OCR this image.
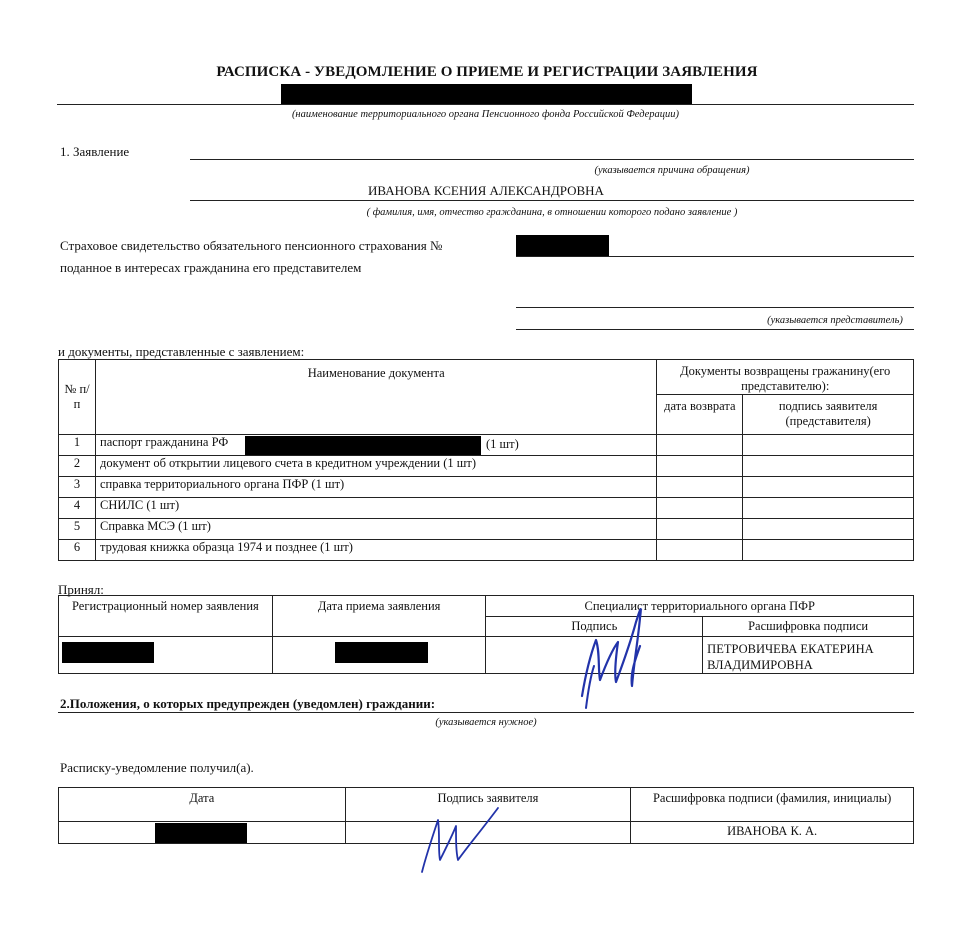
РАСПИСКА - УВЕДОМЛЕНИЕ О ПРИЕМЕ И РЕГИСТРАЦИИ ЗАЯВЛЕНИЯ
(наименование территориального органа Пенсионного фонда Российской Федерации)
1. Заявление
(указывается причина обращения)
ИВАНОВА КСЕНИЯ АЛЕКСАНДРОВНА
( фамилия, имя, отчество гражданина, в отношении которого подано заявление )
Страховое свидетельство обязательного пенсионного страхования №
поданное в интересах гражданина его представителем
(указывается представитель)
и документы, представленные с заявлением:
№ п/п	Наименование документа	Документы возвращены гражанину(его представителю):	
		дата возврата	подпись заявителя (представителя)
1	паспорт гражданина РФ (1 шт)		

2	документ об открытии лицевого счета в кредитном учреждении (1 шт)		
3	справка территориального органа ПФР (1 шт)		
4	СНИЛС (1 шт)		
5	Справка МСЭ (1 шт)		
6	трудовая книжка образца 1974 и позднее (1 шт)		
Принял:
Регистрационный номер заявления	Дата приема заявления	Специалист территориального органа ПФР	
		Подпись	Расшифровка подписи
			ПЕТРОВИЧЕВА ЕКАТЕРИНА ВЛАДИМИРОВНА
2.Положения, о которых предупрежден (уведомлен) граждании:
(указывается нужное)
Расписку-уведомление получил(а).
Дата	Подпись заявителя	Расшифровка подписи (фамилия, инициалы)
		ИВАНОВА К. А.
